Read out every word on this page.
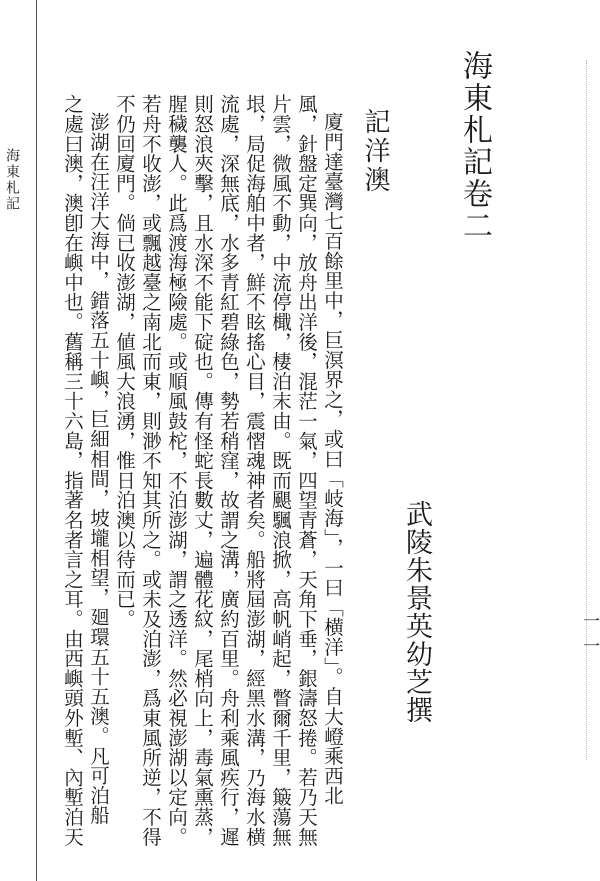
一一
海東札記卷二
武陵朱景英幼芝撰
記洋澳
廈門達臺灣七百餘里中，巨溟界之，或曰「岐海」，一曰「横洋」。自大嶝乘西北
風，針盤定巽向，放舟出洋後，混茫一氣，四望青蒼，天角下垂，銀濤怒捲。若乃天無
片雲，微風不動，中流停檝，棲泊末由。既而颶颿浪掀，高帆峭起，瞥爾千里，簸蕩無
垠，局促海舶中者，鮮不眩搖心目，震慴魂神者矣。船將屆澎湖，經黑水溝，乃海水横
流處，深無底，水多青紅碧綠色，勢若稍窪，故謂之溝，廣約百里。舟利乘風疾行，遲
則怒浪夾擊，且水深不能下碇也。傳有怪蛇長數丈，遍體花紋，尾梢向上，毒氣熏蒸，
腥穢襲人。此爲渡海極險處。或順風鼓柁，不泊澎湖，謂之透洋。然必視澎湖以定向。
若舟不收澎，或飄越臺之南北而東，則渺不知其所之。或未及泊澎，爲東風所逆，不得
不仍回廈門。倘已收澎湖，値風大浪湧，惟日泊澳以待而已。
澎湖在汪洋大海中，錯落五十嶼，巨細相間，坡壠相望，廻環五十五澳。凡可泊船
之處曰澳，澳卽在嶼中也。舊稱三十六島，指著名者言之耳。由西嶼頭外塹、內塹泊天
海東札記
